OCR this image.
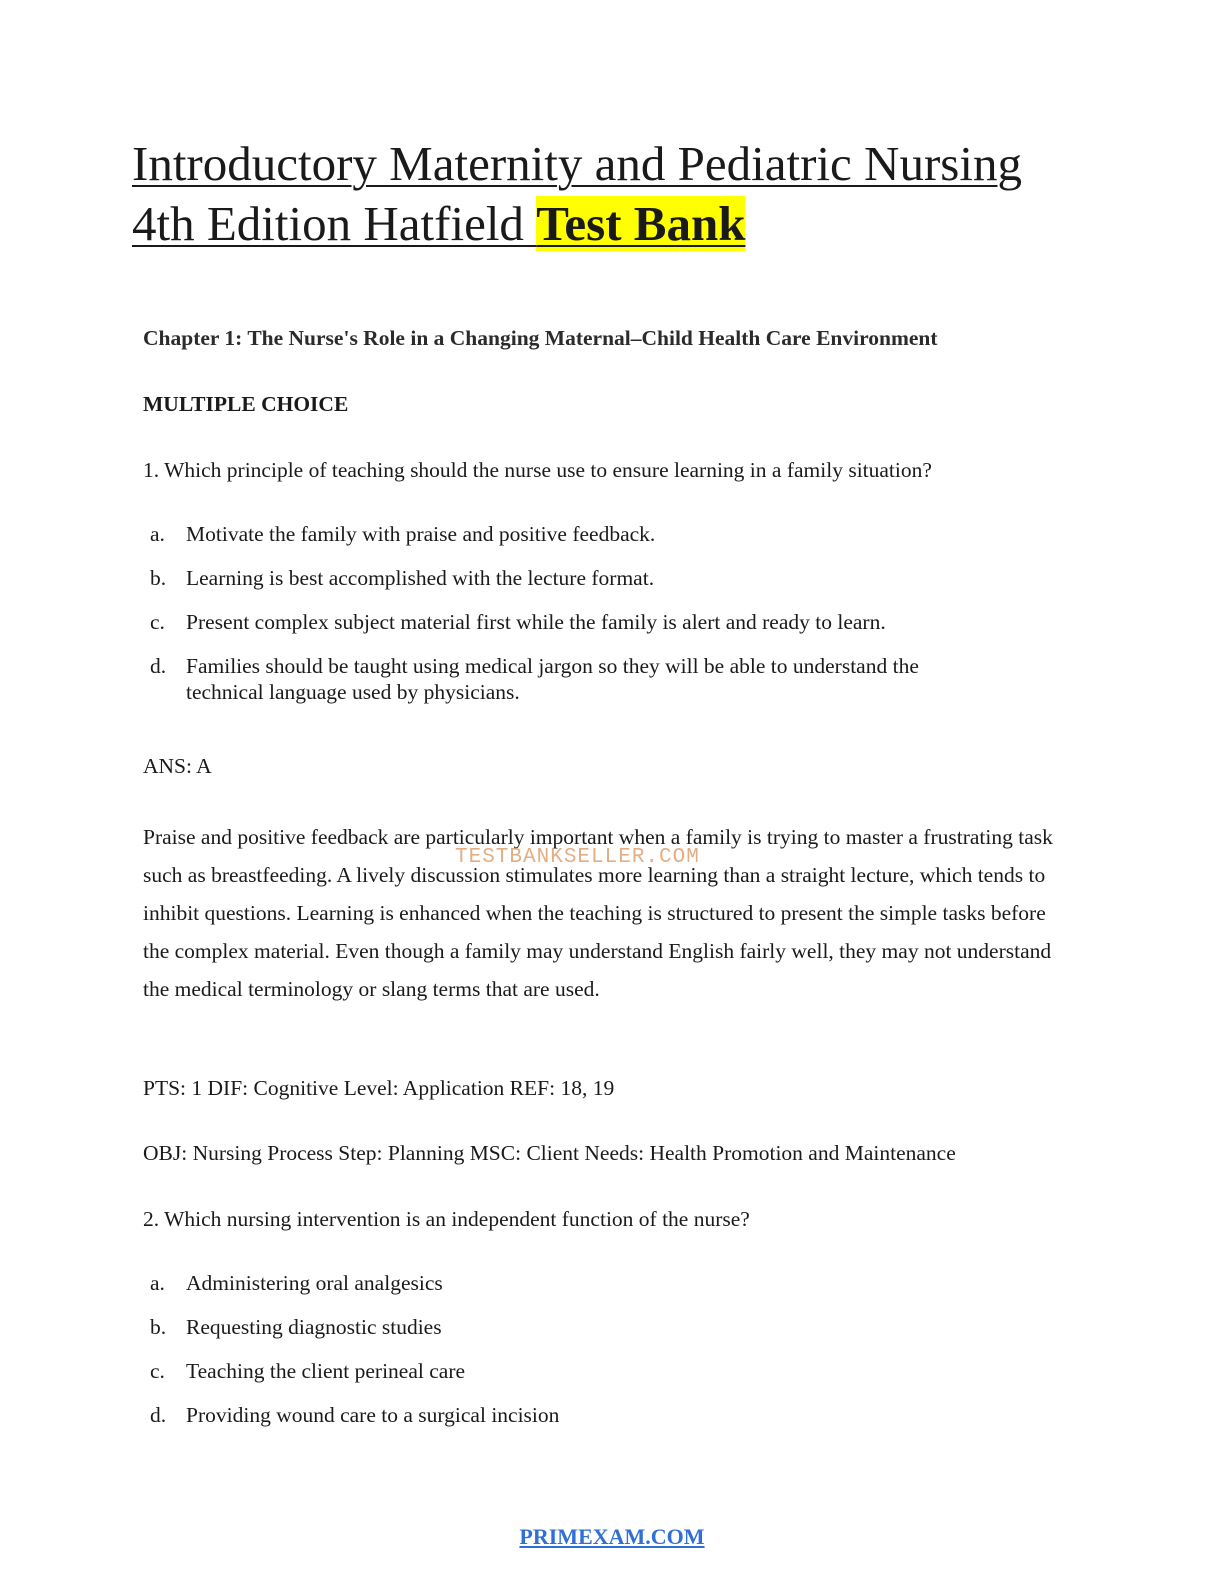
Introductory Maternity and Pediatric Nursing
4th Edition Hatfield Test Bank
Chapter 1: The Nurse's Role in a Changing Maternal–Child Health Care Environment
MULTIPLE CHOICE
1. Which principle of teaching should the nurse use to ensure learning in a family situation?
a. Motivate the family with praise and positive feedback.
b. Learning is best accomplished with the lecture format.
c. Present complex subject material first while the family is alert and ready to learn.
d. Families should be taught using medical jargon so they will be able to understand the technical language used by physicians.
ANS: A

Praise and positive feedback are particularly important when a family is trying to master a frustrating task such as breastfeeding. A lively discussion stimulates more learning than a straight lecture, which tends to inhibit questions. Learning is enhanced when the teaching is structured to present the simple tasks before the complex material. Even though a family may understand English fairly well, they may not understand the medical terminology or slang terms that are used.

TESTBANKSELLER.COM
PTS: 1 DIF: Cognitive Level: Application REF: 18, 19
OBJ: Nursing Process Step: Planning MSC: Client Needs: Health Promotion and Maintenance
2. Which nursing intervention is an independent function of the nurse?
a. Administering oral analgesics
b. Requesting diagnostic studies
c. Teaching the client perineal care
d. Providing wound care to a surgical incision
PRIMEXAM.COM
